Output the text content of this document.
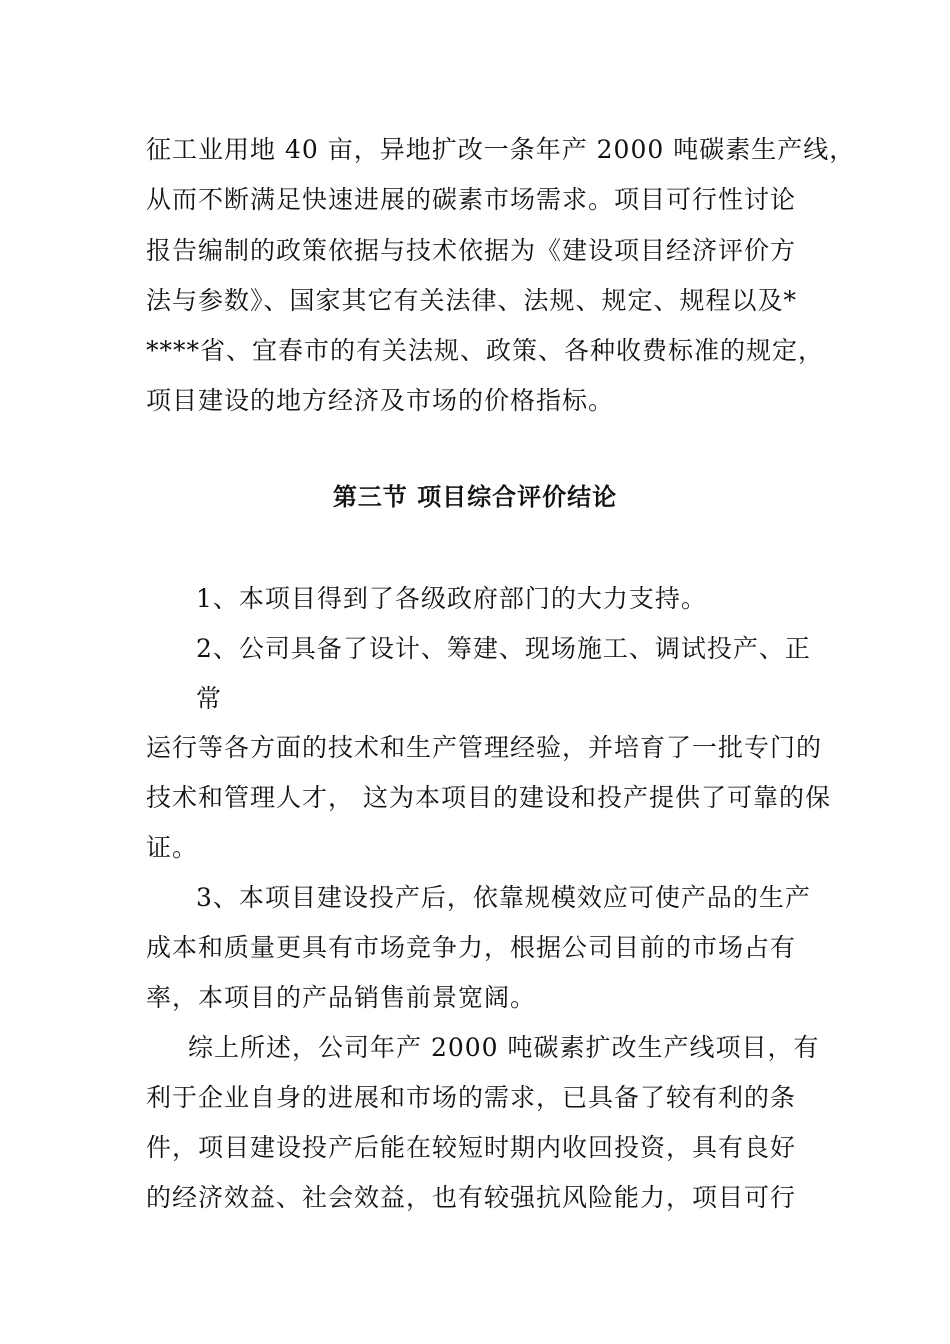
征工业用地 40 亩，异地扩改一条年产 2000 吨碳素生产线，
从而不断满足快速进展的碳素市场需求。项目可行性讨论
报告编制的政策依据与技术依据为《建设项目经济评价方
法与参数》、国家其它有关法律、法规、规定、规程以及*
****省、宜春市的有关法规、政策、各种收费标准的规定，
项目建设的地方经济及市场的价格指标。
第三节 项目综合评价结论
1、本项目得到了各级政府部门的大力支持。
2、公司具备了设计、筹建、现场施工、调试投产、正
常
运行等各方面的技术和生产管理经验，并培育了一批专门的
技术和管理人才， 这为本项目的建设和投产提供了可靠的保
证。
3、本项目建设投产后，依靠规模效应可使产品的生产
成本和质量更具有市场竞争力，根据公司目前的市场占有
率，本项目的产品销售前景宽阔。
综上所述，公司年产 2000 吨碳素扩改生产线项目，有
利于企业自身的进展和市场的需求，已具备了较有利的条
件，项目建设投产后能在较短时期内收回投资，具有良好
的经济效益、社会效益，也有较强抗风险能力，项目可行
